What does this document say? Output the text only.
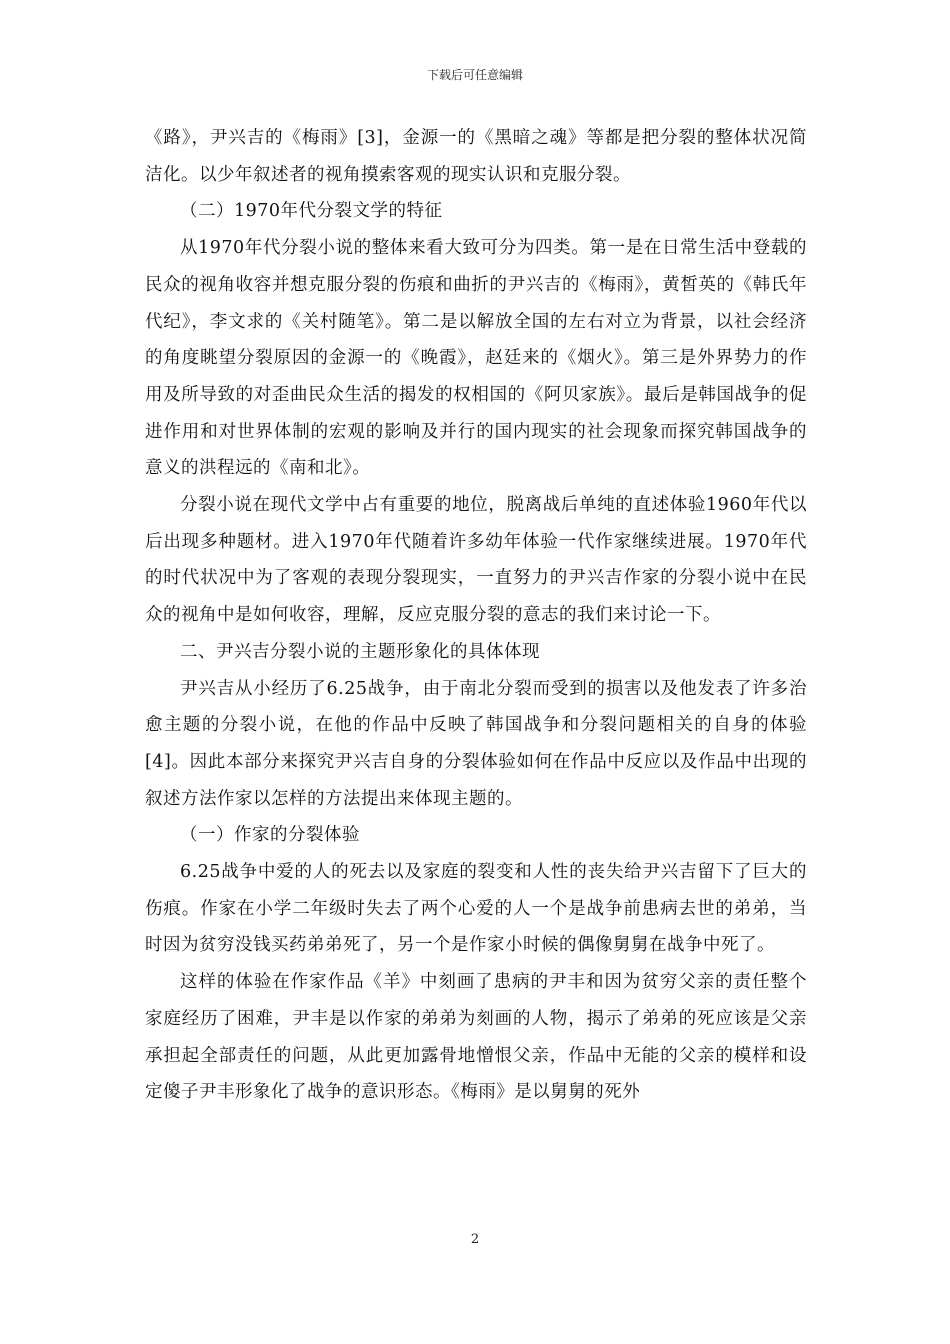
下载后可任意编辑

《路》，尹兴吉的《梅雨》[3]，金源一的《黑暗之魂》等都是把分裂的整体状况简洁化。以少年叙述者的视角摸索客观的现实认识和克服分裂。

（二）1970年代分裂文学的特征

从1970年代分裂小说的整体来看大致可分为四类。第一是在日常生活中登载的民众的视角收容并想克服分裂的伤痕和曲折的尹兴吉的《梅雨》，黄皙英的《韩氏年代纪》，李文求的《关村随笔》。第二是以解放全国的左右对立为背景，以社会经济的角度眺望分裂原因的金源一的《晚霞》，赵廷来的《烟火》。第三是外界势力的作用及所导致的对歪曲民众生活的揭发的权相国的《阿贝家族》。最后是韩国战争的促进作用和对世界体制的宏观的影响及并行的国内现实的社会现象而探究韩国战争的意义的洪程远的《南和北》。

分裂小说在现代文学中占有重要的地位，脱离战后单纯的直述体验1960年代以后出现多种题材。进入1970年代随着许多幼年体验一代作家继续进展。1970年代的时代状况中为了客观的表现分裂现实，一直努力的尹兴吉作家的分裂小说中在民众的视角中是如何收容，理解，反应克服分裂的意志的我们来讨论一下。

二、尹兴吉分裂小说的主题形象化的具体体现

尹兴吉从小经历了6.25战争，由于南北分裂而受到的损害以及他发表了许多治愈主题的分裂小说，在他的作品中反映了韩国战争和分裂问题相关的自身的体验[4]。因此本部分来探究尹兴吉自身的分裂体验如何在作品中反应以及作品中出现的叙述方法作家以怎样的方法提出来体现主题的。

（一）作家的分裂体验

6.25战争中爱的人的死去以及家庭的裂变和人性的丧失给尹兴吉留下了巨大的伤痕。作家在小学二年级时失去了两个心爱的人一个是战争前患病去世的弟弟，当时因为贫穷没钱买药弟弟死了，另一个是作家小时候的偶像舅舅在战争中死了。

这样的体验在作家作品《羊》中刻画了患病的尹丰和因为贫穷父亲的责任整个家庭经历了困难，尹丰是以作家的弟弟为刻画的人物，揭示了弟弟的死应该是父亲承担起全部责任的问题，从此更加露骨地憎恨父亲，作品中无能的父亲的模样和设定傻子尹丰形象化了战争的意识形态。《梅雨》是以舅舅的死外

2
